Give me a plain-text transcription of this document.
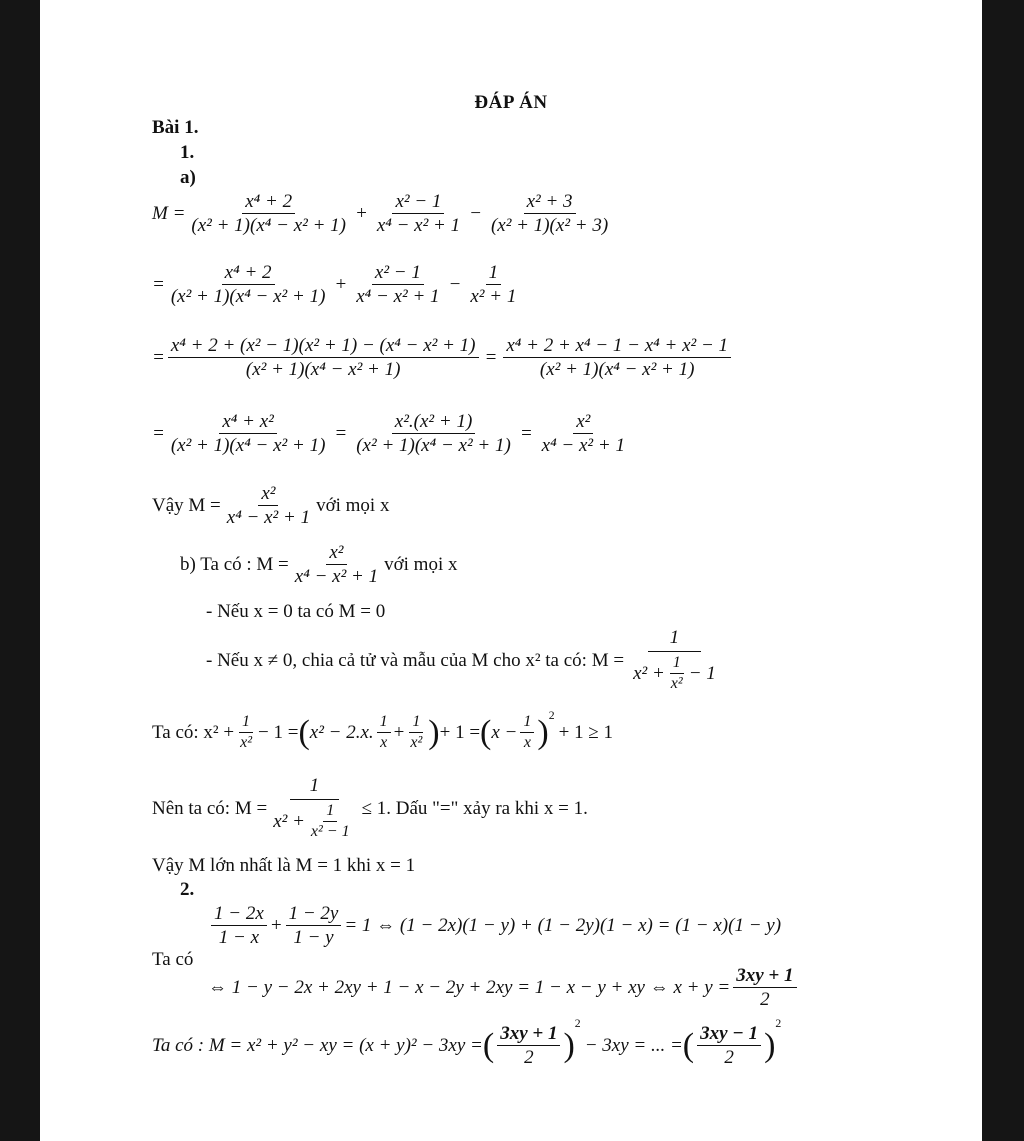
ĐÁP ÁN
Bài 1.
1.
a)
$M = \frac{\text{x⁴ + 2}}{\text{(x² + 1)(x⁴ − x² + 1)}} + \frac{\text{x² − 1}}{\text{x⁴ − x² + 1}} - \frac{\text{x² + 3}}{\text{(x² + 1)(x² + 3)}}$
= $\frac{\text{x⁴ + 2}}{\text{(x² + 1)(x⁴ − x² + 1)}} + \frac{\text{x² − 1}}{\text{x⁴ − x² + 1}} - \frac{1}{\text{x² + 1}}$
= $\frac{\text{x⁴ + 2 + (x² − 1)(x² + 1) − (x⁴ − x² + 1)}}{\text{(x² + 1)(x⁴ − x² + 1)}} = \frac{\text{x⁴ + 2 + x⁴ − 1 − x⁴ + x² − 1}}{\text{(x² + 1)(x⁴ − x² + 1)}}$
= $\frac{\text{x⁴ + x²}}{\text{(x² + 1)(x⁴ − x² + 1)}} = \frac{\text{x².(x² + 1)}}{\text{(x² + 1)(x⁴ − x² + 1)}} = \frac{\text{x²}}{\text{x⁴ − x² + 1}}$
Vậy $M = \frac{\text{x²}}{\text{x⁴ − x² + 1}}$ với mọi x
b) Ta có : $M = \frac{\text{x²}}{\text{x⁴ − x² + 1}}$ với mọi x
- Nếu x = 0 ta có M = 0
- Nếu x ≠ 0, chia cả tử và mẫu của M cho x² ta có: $M = \frac{1}{x^2 + \frac{1}{\text{x²}} - 1}$
Ta có: $x^2 + \frac{1}{\text{x²}} - 1$ = ( x² − 2.x. $\frac{1}{x} + \frac{1}{\text{x²}}$ ) + 1 = ( $x - \frac{1}{x}$ ) 2
+ 1 ≥ 1
Nên ta có: $M = \frac{1}{x^2 + \frac{1}{\text{x² − 1}}} \le 1$. Dấu "=" xảy ra khi x = 1.
Vậy M lớn nhất là M = 1 khi x = 1
2.
Ta có
$\frac{1 - 2x}{1 - x} + \frac{1 - 2y}{1 - y} = 1$ ⇔ (1 − 2x)(1 − y) + (1 − 2y)(1 − x) = (1 − x)(1 − y)
⇔ 1 − y − 2x + 2xy + 1 − x − 2y + 2xy = 1 − x − y + xy ⇔ $x + y = \frac{3xy + 1}{2}$
Ta có : M = x² + y² − xy = (x + y)² − 3xy = ( $\frac{3xy + 1}{2}$ )
2
− 3xy = ... = ( $\frac{3xy - 1}{2}$ )
2
